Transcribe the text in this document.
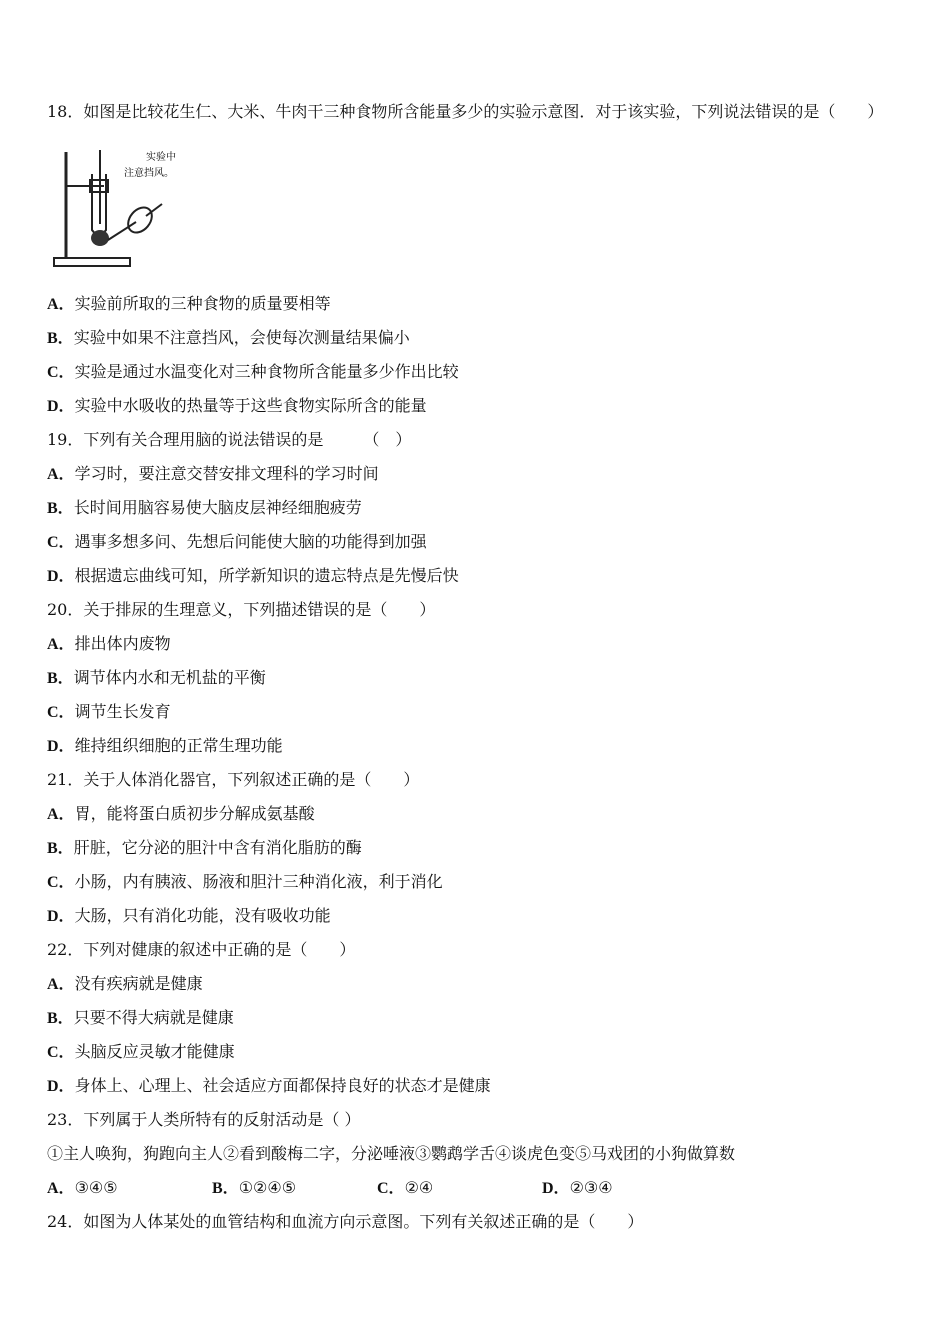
18．如图是比较花生仁、大米、牛肉干三种食物所含能量多少的实验示意图．对于该实验，下列说法错误的是（　　）
实验中
注意挡风。
A．实验前所取的三种食物的质量要相等
B．实验中如果不注意挡风，会使每次测量结果偏小
C．实验是通过水温变化对三种食物所含能量多少作出比较
D．实验中水吸收的热量等于这些食物实际所含的能量
19．下列有关合理用脑的说法错误的是　　　（　）
A．学习时，要注意交替安排文理科的学习时间
B．长时间用脑容易使大脑皮层神经细胞疲劳
C．遇事多想多问、先想后问能使大脑的功能得到加强
D．根据遗忘曲线可知，所学新知识的遗忘特点是先慢后快
20．关于排尿的生理意义，下列描述错误的是（　　）
A．排出体内废物
B．调节体内水和无机盐的平衡
C．调节生长发育
D．维持组织细胞的正常生理功能
21．关于人体消化器官，下列叙述正确的是（　　）
A．胃，能将蛋白质初步分解成氨基酸
B．肝脏，它分泌的胆汁中含有消化脂肪的酶
C．小肠，内有胰液、肠液和胆汁三种消化液，利于消化
D．大肠，只有消化功能，没有吸收功能
22．下列对健康的叙述中正确的是（　　）
A．没有疾病就是健康
B．只要不得大病就是健康
C．头脑反应灵敏才能健康
D．身体上、心理上、社会适应方面都保持良好的状态才是健康
23．下列属于人类所特有的反射活动是（ ）
①主人唤狗，狗跑向主人②看到酸梅二字，分泌唾液③鹦鹉学舌④谈虎色变⑤马戏团的小狗做算数

A．③④⑤

	B．①②④⑤

	C．②④

	D．②③④

24．如图为人体某处的血管结构和血流方向示意图。下列有关叙述正确的是（　　）
